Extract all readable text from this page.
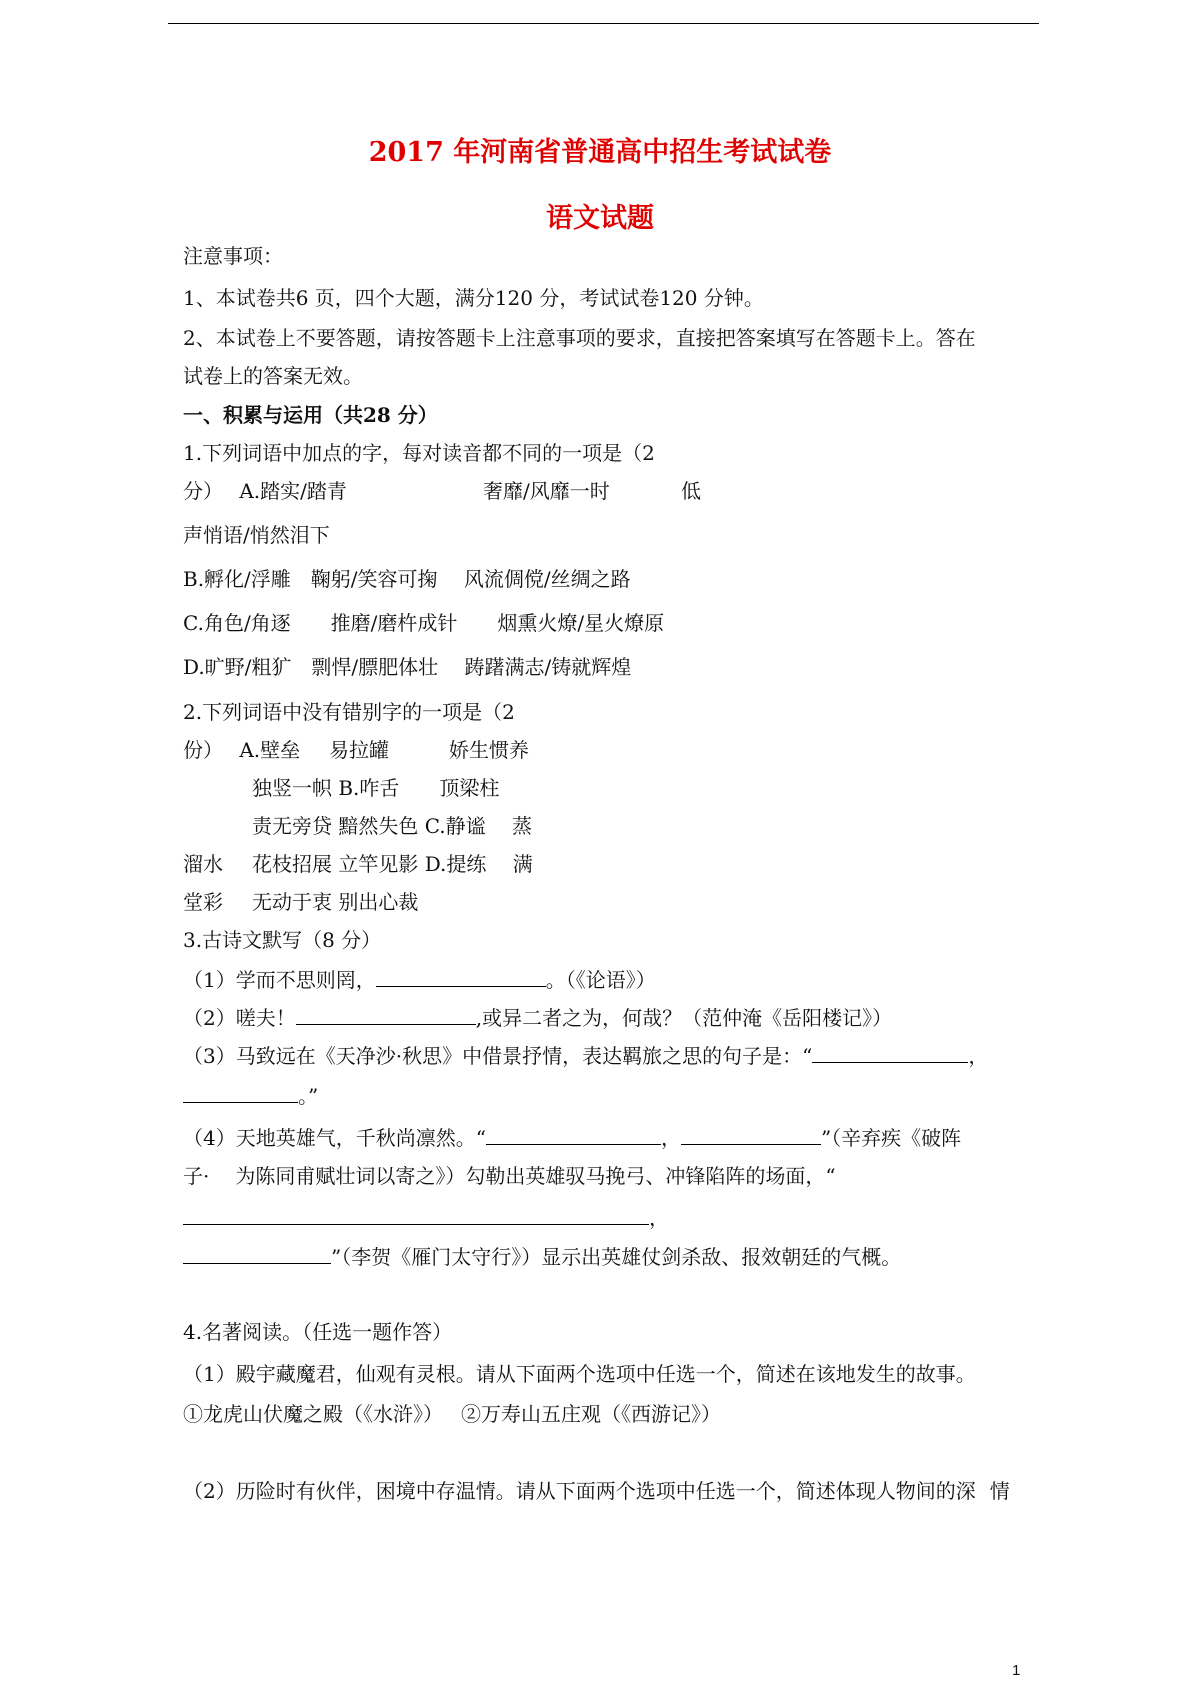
2017 年河南省普通高中招生考试试卷
语文试题
注意事项：
1、本试卷共6 页，四个大题，满分120 分，考试试卷120 分钟。
2、本试卷上不要答题，请按答题卡上注意事项的要求，直接把答案填写在答题卡上。答在
试卷上的答案无效。
一、积累与运用（共28 分）
1.下列词语中加点的字，每对读音都不同的一项是（2
分） A.踏实/踏青	奢靡/风靡一时	低
声悄语/悄然泪下
B.孵化/浮雕　鞠躬/笑容可掬　 风流倜傥/丝绸之路
C.角色/角逐　　推磨/磨杵成针　　烟熏火燎/星火燎原
D.旷野/粗犷　剽悍/膘肥体壮　 踌躇满志/铸就辉煌
2.下列词语中没有错别字的一项是（2
份） A.壁垒 易拉罐	娇生惯养
独竖一帜 B.咋舌　　顶梁柱
责无旁贷 黯然失色 C.静谧　 蒸
溜水 花枝招展 立竿见影 D.提练　 满
堂彩 无动于衷 别出心裁
3.古诗文默写（8 分）
（1）学而不思则罔，	。（《论语》）
（2）嗟夫！	,或异二者之为，何哉？（范仲淹《岳阳楼记》）
（3）马致远在《天净沙·秋思》中借景抒情，表达羁旅之思的句子是：“	，
。”
（4）天地英雄气，千秋尚凛然。“	，	”（辛弃疾《破阵
子· 为陈同甫赋壮词以寄之》）勾勒出英雄驭马挽弓、冲锋陷阵的场面，“
，
”（李贺《雁门太守行》）显示出英雄仗剑杀敌、报效朝廷的气概。
4.名著阅读。（任选一题作答）
（1）殿宇藏魔君，仙观有灵根。请从下面两个选项中任选一个，简述在该地发生的故事。
①龙虎山伏魔之殿（《水浒》） ②万寿山五庄观（《西游记》）
（2）历险时有伙伴，困境中存温情。请从下面两个选项中任选一个，简述体现人物间的深 情
1
